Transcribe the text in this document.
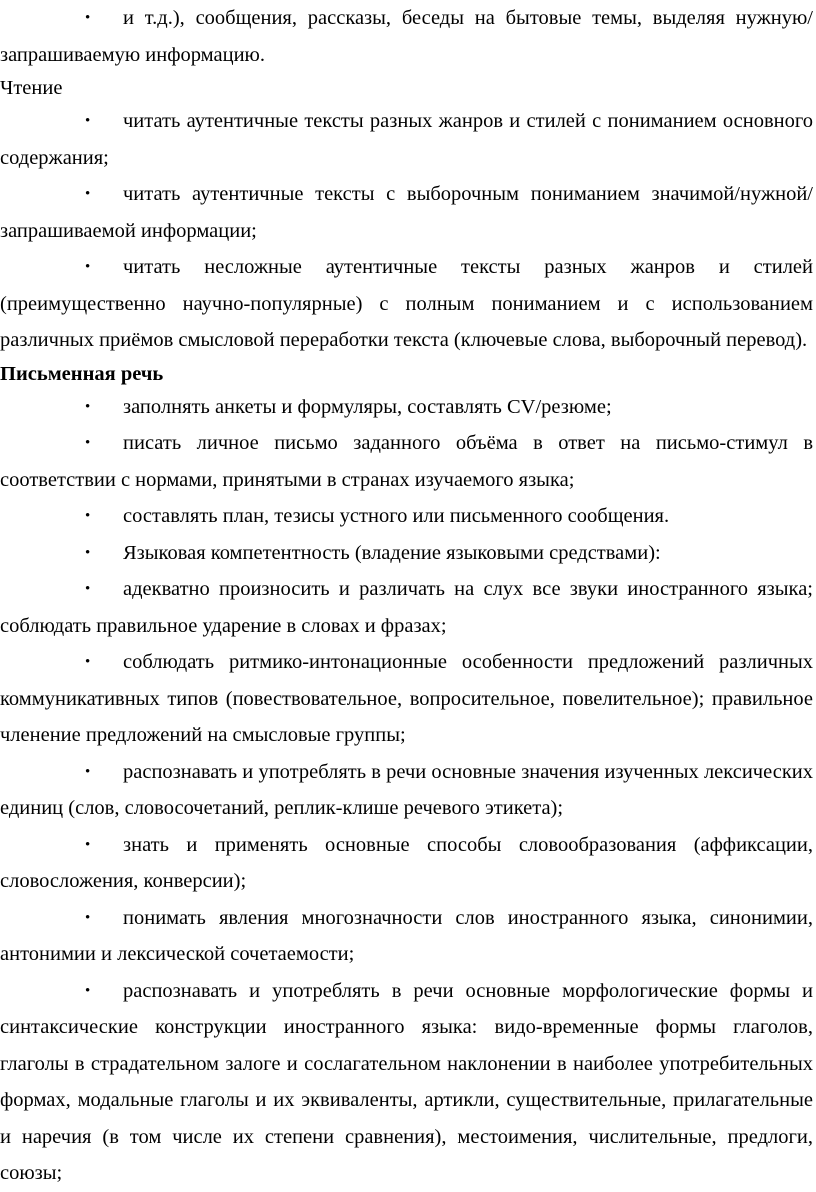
• и т.д.), сообщения, рассказы, беседы на бытовые темы, выделяя нужную/запрашиваемую информацию.

Чтение

• читать аутентичные тексты разных жанров и стилей с пониманием основного содержания;

• читать аутентичные тексты с выборочным пониманием значимой/нужной/запрашиваемой информации;

• читать несложные аутентичные тексты разных жанров и стилей (преимущественно научно-популярные) с полным пониманием и с использованием различных приёмов смысловой переработки текста (ключевые слова, выборочный перевод).

Письменная речь

• заполнять анкеты и формуляры, составлять CV/резюме;

• писать личное письмо заданного объёма в ответ на письмо-стимул в соответствии с нормами, принятыми в странах изучаемого языка;

• составлять план, тезисы устного или письменного сообщения.

• Языковая компетентность (владение языковыми средствами):

• адекватно произносить и различать на слух все звуки иностранного языка; соблюдать правильное ударение в словах и фразах;

• соблюдать ритмико-интонационные особенности предложений различных коммуникативных типов (повествовательное, вопросительное, повелительное); правильное членение предложений на смысловые группы;

• распознавать и употреблять в речи основные значения изученных лексических единиц (слов, словосочетаний, реплик-клише речевого этикета);

• знать и применять основные способы словообразования (аффиксации, словосложения, конверсии);

• понимать явления многозначности слов иностранного языка, синонимии, антонимии и лексической сочетаемости;

• распознавать и употреблять в речи основные морфологические формы и синтаксические конструкции иностранного языка: видо-временные формы глаголов, глаголы в страдательном залоге и сослагательном наклонении в наиболее употребительных формах, модальные глаголы и их эквиваленты, артикли, существительные, прилагательные и наречия (в том числе их степени сравнения), местоимения, числительные, предлоги, союзы;
